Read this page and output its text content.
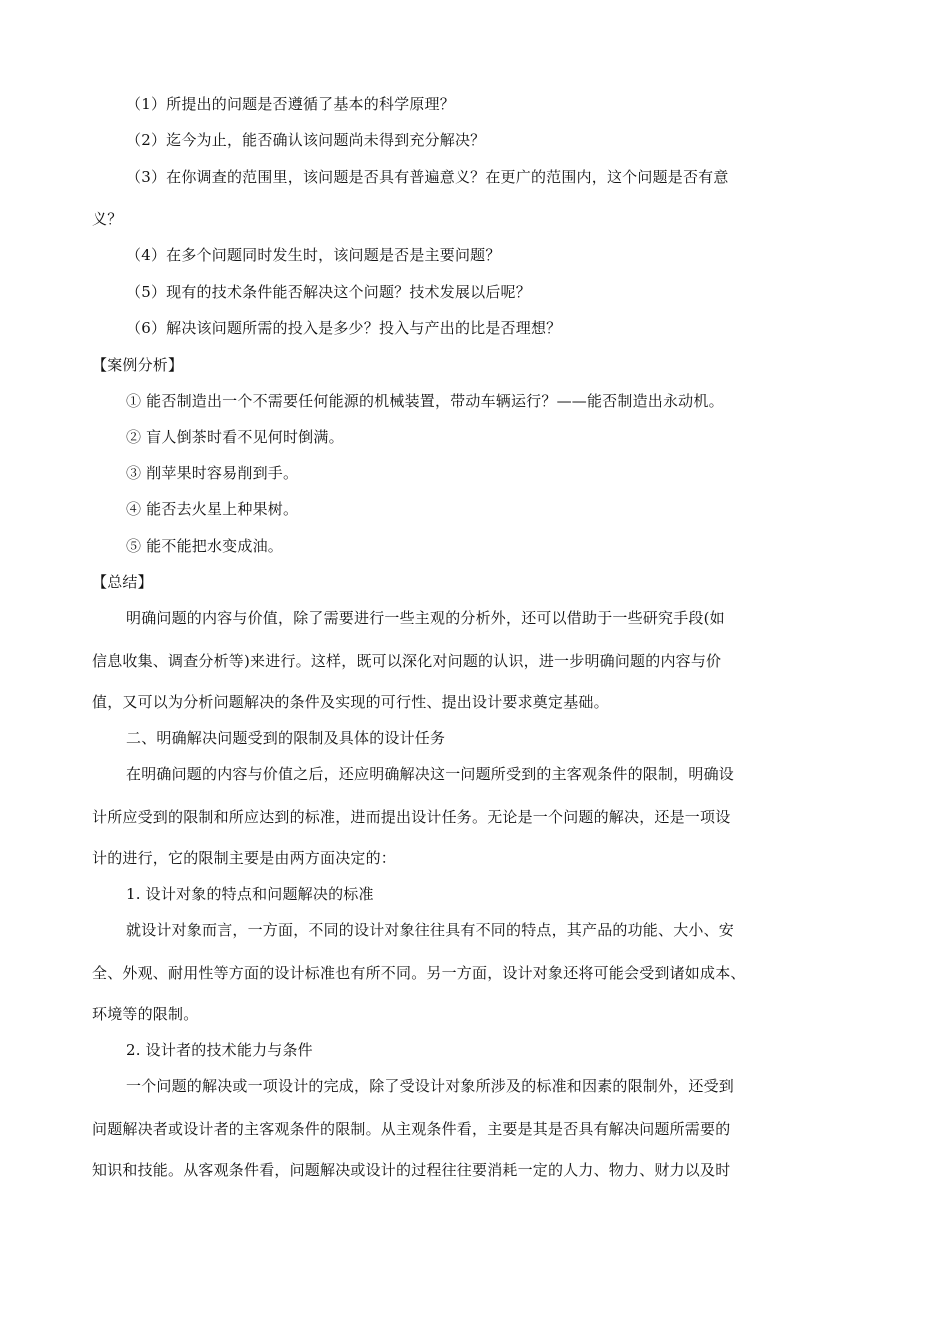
（1）所提出的问题是否遵循了基本的科学原理？
（2）迄今为止，能否确认该问题尚未得到充分解决？
（3）在你调查的范围里，该问题是否具有普遍意义？在更广的范围内，这个问题是否有意
义？
（4）在多个问题同时发生时，该问题是否是主要问题？
（5）现有的技术条件能否解决这个问题？技术发展以后呢？
（6）解决该问题所需的投入是多少？投入与产出的比是否理想？
【案例分析】
① 能否制造出一个不需要任何能源的机械装置，带动车辆运行？——能否制造出永动机。
② 盲人倒茶时看不见何时倒满。
③ 削苹果时容易削到手。
④ 能否去火星上种果树。
⑤ 能不能把水变成油。
【总结】
明确问题的内容与价值，除了需要进行一些主观的分析外，还可以借助于一些研究手段(如
信息收集、调查分析等)来进行。这样，既可以深化对问题的认识，进一步明确问题的内容与价
值，又可以为分析问题解决的条件及实现的可行性、提出设计要求奠定基础。
二、明确解决问题受到的限制及具体的设计任务
在明确问题的内容与价值之后，还应明确解决这一问题所受到的主客观条件的限制，明确设
计所应受到的限制和所应达到的标准，进而提出设计任务。无论是一个问题的解决，还是一项设
计的进行，它的限制主要是由两方面决定的：
1. 设计对象的特点和问题解决的标准
就设计对象而言，一方面，不同的设计对象往往具有不同的特点，其产品的功能、大小、安
全、外观、耐用性等方面的设计标准也有所不同。另一方面，设计对象还将可能会受到诸如成本、
环境等的限制。
2. 设计者的技术能力与条件
一个问题的解决或一项设计的完成，除了受设计对象所涉及的标准和因素的限制外，还受到
问题解决者或设计者的主客观条件的限制。从主观条件看，主要是其是否具有解决问题所需要的
知识和技能。从客观条件看，问题解决或设计的过程往往要消耗一定的人力、物力、财力以及时
